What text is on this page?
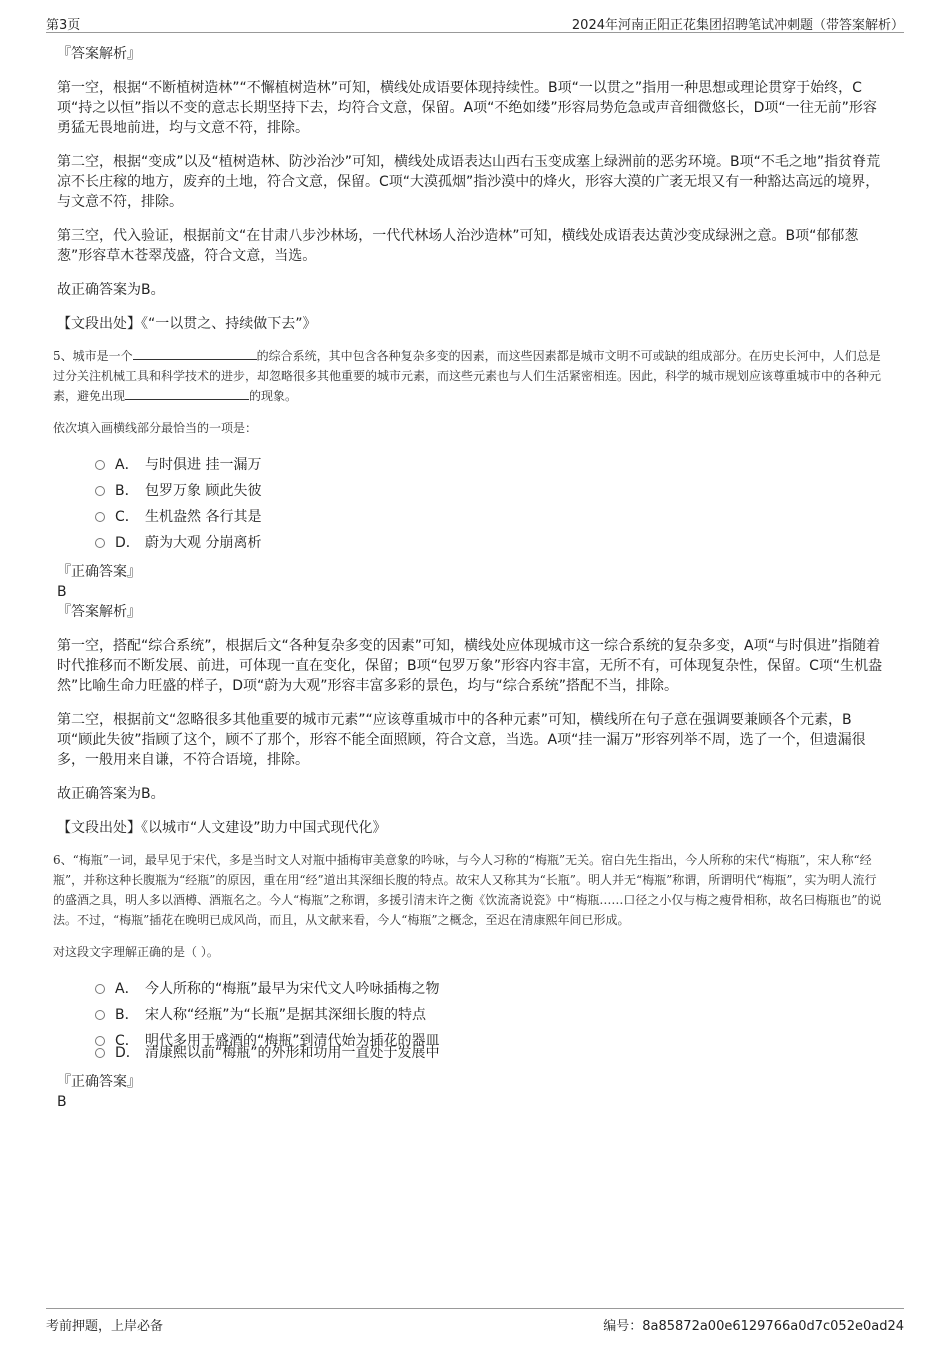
第3页	2024年河南正阳正花集团招聘笔试冲刺题（带答案解析）
『答案解析』

第一空，根据“不断植树造林”“不懈植树造林”可知，横线处成语要体现持续性。B项“一以贯之”指用一种思想或理论贯穿于始终，C项“持之以恒”指以不变的意志长期坚持下去，均符合文意，保留。A项“不绝如缕”形容局势危急或声音细微悠长，D项“一往无前”形容勇猛无畏地前进，均与文意不符，排除。

第二空，根据“变成”以及“植树造林、防沙治沙”可知，横线处成语表达山西右玉变成塞上绿洲前的恶劣环境。B项“不毛之地”指贫脊荒凉不长庄稼的地方，废弃的土地，符合文意，保留。C项“大漠孤烟”指沙漠中的烽火，形容大漠的广袤无垠又有一种豁达高远的境界，与文意不符，排除。

第三空，代入验证，根据前文“在甘肃八步沙林场，一代代林场人治沙造林”可知，横线处成语表达黄沙变成绿洲之意。B项“郁郁葱葱”形容草木苍翠茂盛，符合文意，当选。

故正确答案为B。

【文段出处】《“一以贯之、持续做下去”》

5、城市是一个	的综合系统，其中包含各种复杂多变的因素，而这些因素都是城市文明不可或缺的组成部分。在历史长河中，人们总是过分关注机械工具和科学技术的进步，却忽略很多其他重要的城市元素，而这些元素也与人们生活紧密相连。因此，科学的城市规划应该尊重城市中的各种元素，避免出现	的现象。

依次填入画横线部分最恰当的一项是：

A． 与时俱进 挂一漏万
B． 包罗万象 顾此失彼
C． 生机盎然 各行其是
D． 蔚为大观 分崩离析

『正确答案』

B

『答案解析』

第一空，搭配“综合系统”，根据后文“各种复杂多变的因素”可知，横线处应体现城市这一综合系统的复杂多变，A项“与时俱进”指随着时代推移而不断发展、前进，可体现一直在变化，保留；B项“包罗万象”形容内容丰富，无所不有，可体现复杂性，保留。C项“生机盎然”比喻生命力旺盛的样子，D项“蔚为大观”形容丰富多彩的景色，均与“综合系统”搭配不当，排除。

第二空，根据前文“忽略很多其他重要的城市元素”“应该尊重城市中的各种元素”可知，横线所在句子意在强调要兼顾各个元素，B项“顾此失彼”指顾了这个，顾不了那个，形容不能全面照顾，符合文意，当选。A项“挂一漏万”形容列举不周，选了一个，但遗漏很多，一般用来自谦，不符合语境，排除。

故正确答案为B。

【文段出处】《以城市“人文建设”助力中国式现代化》

6、“梅瓶”一词，最早见于宋代，多是当时文人对瓶中插梅审美意象的吟咏，与今人习称的“梅瓶”无关。宿白先生指出，今人所称的宋代“梅瓶”，宋人称“经瓶”，并称这种长腹瓶为“经瓶”的原因，重在用“经”道出其深细长腹的特点。故宋人又称其为“长瓶”。明人并无“梅瓶”称谓，所谓明代“梅瓶”，实为明人流行的盛酒之具，明人多以酒樽、酒瓶名之。今人“梅瓶”之称谓，多援引清末许之衡《饮流斋说瓷》中“梅瓶……口径之小仅与梅之瘦骨相称，故名曰梅瓶也”的说法。不过，“梅瓶”插花在晚明已成风尚，而且，从文献来看，今人“梅瓶”之概念，至迟在清康熙年间已形成。

对这段文字理解正确的是（ ）。

A． 今人所称的“梅瓶”最早为宋代文人吟咏插梅之物
B． 宋人称“经瓶”为“长瓶”是据其深细长腹的特点
C． 明代多用于盛酒的“梅瓶”到清代始为插花的器皿
D． 清康熙以前“梅瓶”的外形和功用一直处于发展中

『正确答案』

B

考前押题，上岸必备	编号：8a85872a00e6129766a0d7c052e0ad24
